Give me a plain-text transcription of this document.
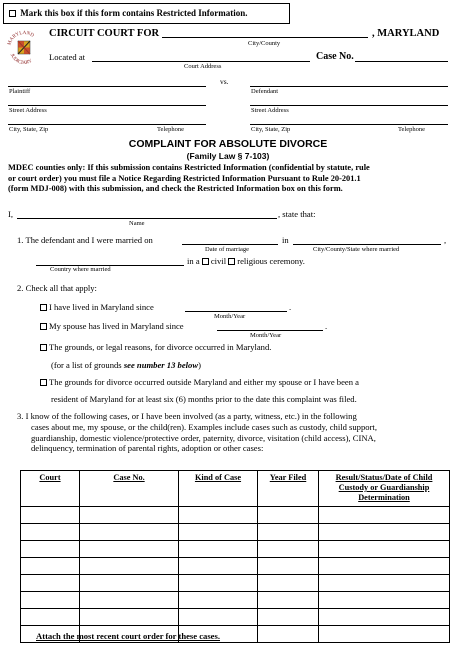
Mark this box if this form contains Restricted Information.
MARYLAND
JUDICIARY
CIRCUIT COURT FOR
City/County
, MARYLAND
Located at
Court Address
Case No.
vs.
Plaintiff
Street Address
City, State, Zip	Telephone
Defendant
Street Address
City, State, Zip	Telephone
COMPLAINT FOR ABSOLUTE DIVORCE
(Family Law § 7-103)
MDEC counties only: If this submission contains Restricted Information (confidential by statute, rule
or court order) you must file a Notice Regarding Restricted Information Pursuant to Rule 20-201.1
(form MDJ-008) with this submission, and check the Restricted Information box on this form.
I,
Name
, state that:
1. The defendant and I were married on
Date of marriage
in
City/County/State where married
,
Country where married
in a civil religious ceremony.
2. Check all that apply:
I have lived in Maryland since
Month/Year
.
My spouse has lived in Maryland since
Month/Year
.
The grounds, or legal reasons, for divorce occurred in Maryland.
(for a list of grounds see number 13 below)
The grounds for divorce occurred outside Maryland and either my spouse or I have been a
resident of Maryland for at least six (6) months prior to the date this complaint was filed.
3. I know of the following cases, or I have been involved (as a party, witness, etc.) in the following
cases about me, my spouse, or the child(ren). Examples include cases such as custody, child support,
guardianship, domestic violence/protective order, paternity, divorce, visitation (child access), CINA,
delinquency, termination of parental rights, adoption or other cases:
Court	Case No.	Kind of Case	Year Filed	Result/Status/Date of Child Custody or Guardianship Determination

Attach the most recent court order for these cases.
